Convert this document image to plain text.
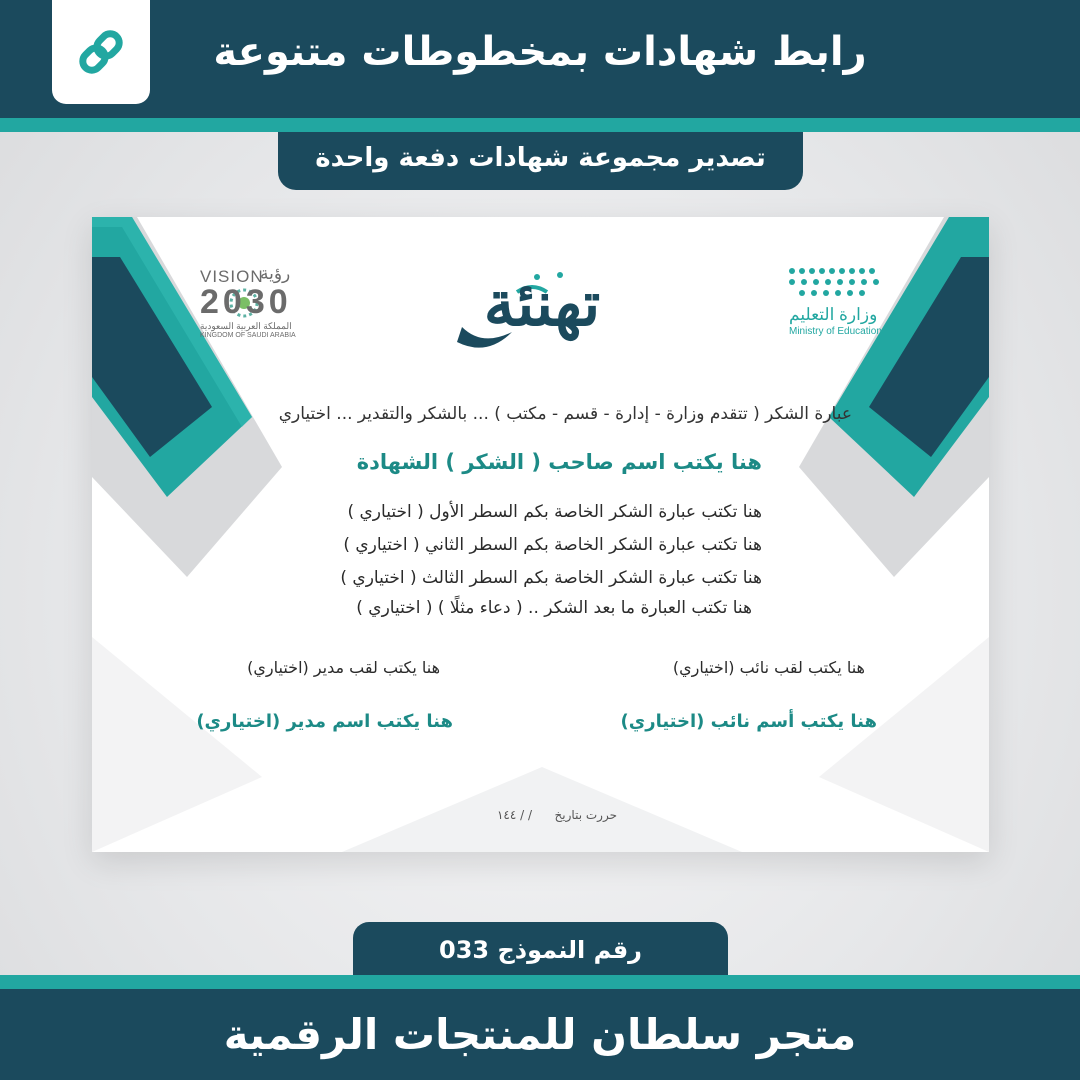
رابط شهادات بمخطوطات متنوعة
تصدير مجموعة شهادات دفعة واحدة
VISION
رؤية
2030
المملكة العربية السعودية
KINGDOM OF SAUDI ARABIA
وزارة التعليم
Ministry of Education
تهنئة
عبارة الشكر ( تتقدم وزارة - إدارة - قسم - مكتب ) ... بالشكر والتقدير ... اختياري
هنا يكتب اسم صاحب ( الشكر ) الشهادة
هنا تكتب عبارة الشكر الخاصة بكم السطر الأول ( اختياري )
هنا تكتب عبارة الشكر الخاصة بكم السطر الثاني ( اختياري )
هنا تكتب عبارة الشكر الخاصة بكم السطر الثالث ( اختياري )
هنا تكتب العبارة ما بعد الشكر .. ( دعاء مثلًا ) ( اختياري )
هنا يكتب لقب نائب (اختياري)
هنا يكتب أسم نائب (اختياري)
هنا يكتب لقب مدير (اختياري)
هنا يكتب اسم مدير (اختياري)
حررت بتاريخ
/ / ١٤٤
رقم النموذج 033
متجر سلطان للمنتجات الرقمية
